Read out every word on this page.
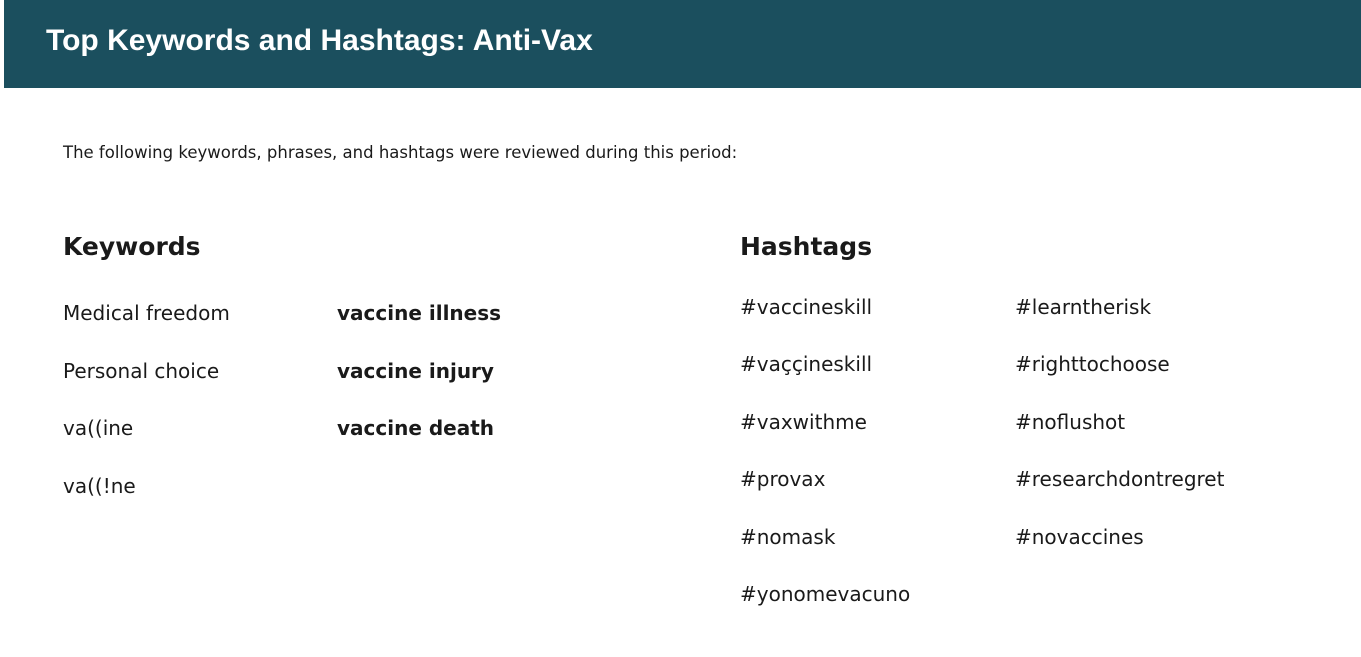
Top Keywords and Hashtags: Anti-Vax
The following keywords, phrases, and hashtags were reviewed during this period:
Keywords
Medical freedom
Personal choice
va((ine
va((!ne
vaccine illness
vaccine injury
vaccine death
Hashtags
#vaccineskill
#vaççineskill
#vaxwithme
#provax
#nomask
#yonomevacuno
#learntherisk
#righttochoose
#noflushot
#researchdontregret
#novaccines
